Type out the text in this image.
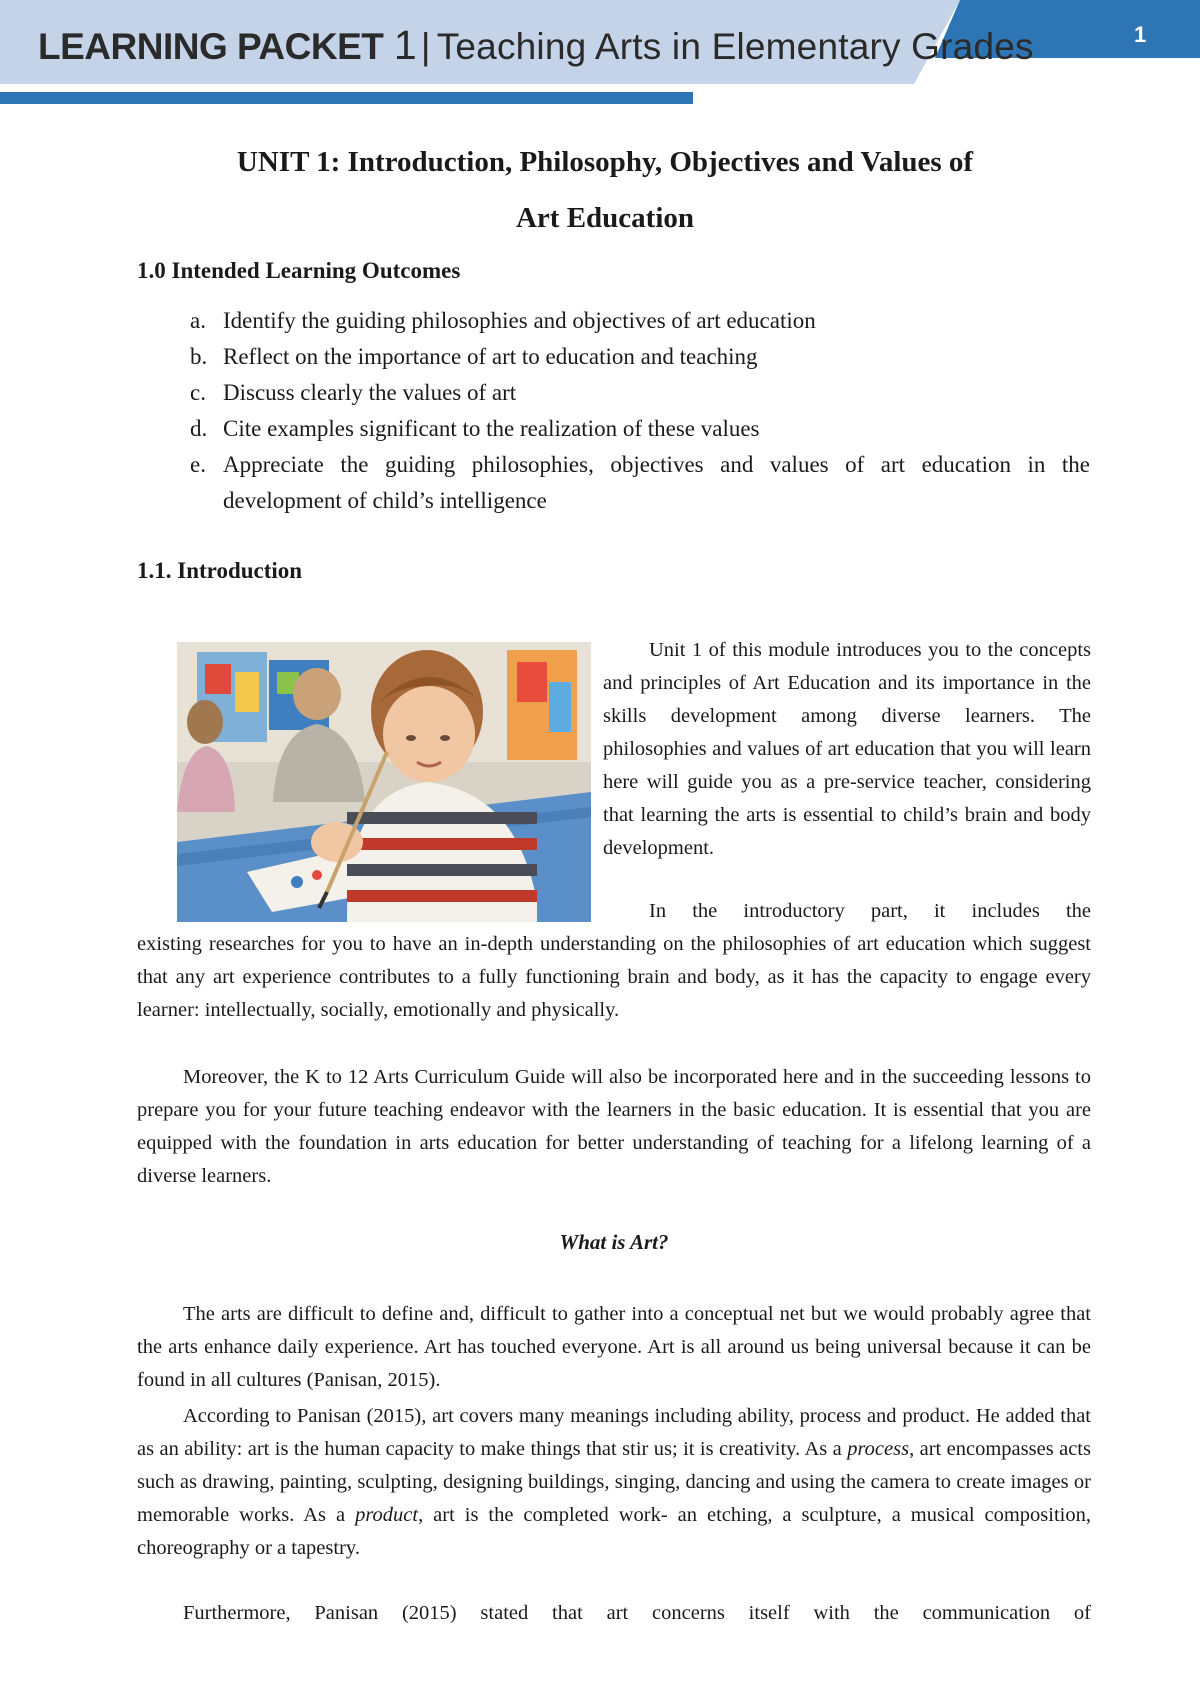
LEARNING PACKET 1 | Teaching Arts in Elementary Grades	1
UNIT 1: Introduction, Philosophy, Objectives and Values of
Art Education
1.0 Intended Learning Outcomes
a. Identify the guiding philosophies and objectives of art education
b. Reflect on the importance of art to education and teaching
c. Discuss clearly the values of art
d. Cite examples significant to the realization of these values
e. Appreciate the guiding philosophies, objectives and values of art education in the development of child’s intelligence
1.1. Introduction
Unit 1 of this module introduces you to the concepts and principles of Art Education and its importance in the skills development among diverse learners. The philosophies and values of art education that you will learn here will guide you as a pre-service teacher, considering that learning the arts is essential to child’s brain and body development.
In the introductory part, it includes the
existing researches for you to have an in-depth understanding on the philosophies of art education which suggest that any art experience contributes to a fully functioning brain and body, as it has the capacity to engage every learner: intellectually, socially, emotionally and physically.
Moreover, the K to 12 Arts Curriculum Guide will also be incorporated here and in the succeeding lessons to prepare you for your future teaching endeavor with the learners in the basic education. It is essential that you are equipped with the foundation in arts education for better understanding of teaching for a lifelong learning of a diverse learners.
What is Art?
The arts are difficult to define and, difficult to gather into a conceptual net but we would probably agree that the arts enhance daily experience. Art has touched everyone. Art is all around us being universal because it can be found in all cultures (Panisan, 2015).
According to Panisan (2015), art covers many meanings including ability, process and product. He added that as an ability: art is the human capacity to make things that stir us; it is creativity. As a process, art encompasses acts such as drawing, painting, sculpting, designing buildings, singing, dancing and using the camera to create images or memorable works. As a product, art is the completed work- an etching, a sculpture, a musical composition, choreography or a tapestry.
Furthermore, Panisan (2015) stated that art concerns itself with the communication of
